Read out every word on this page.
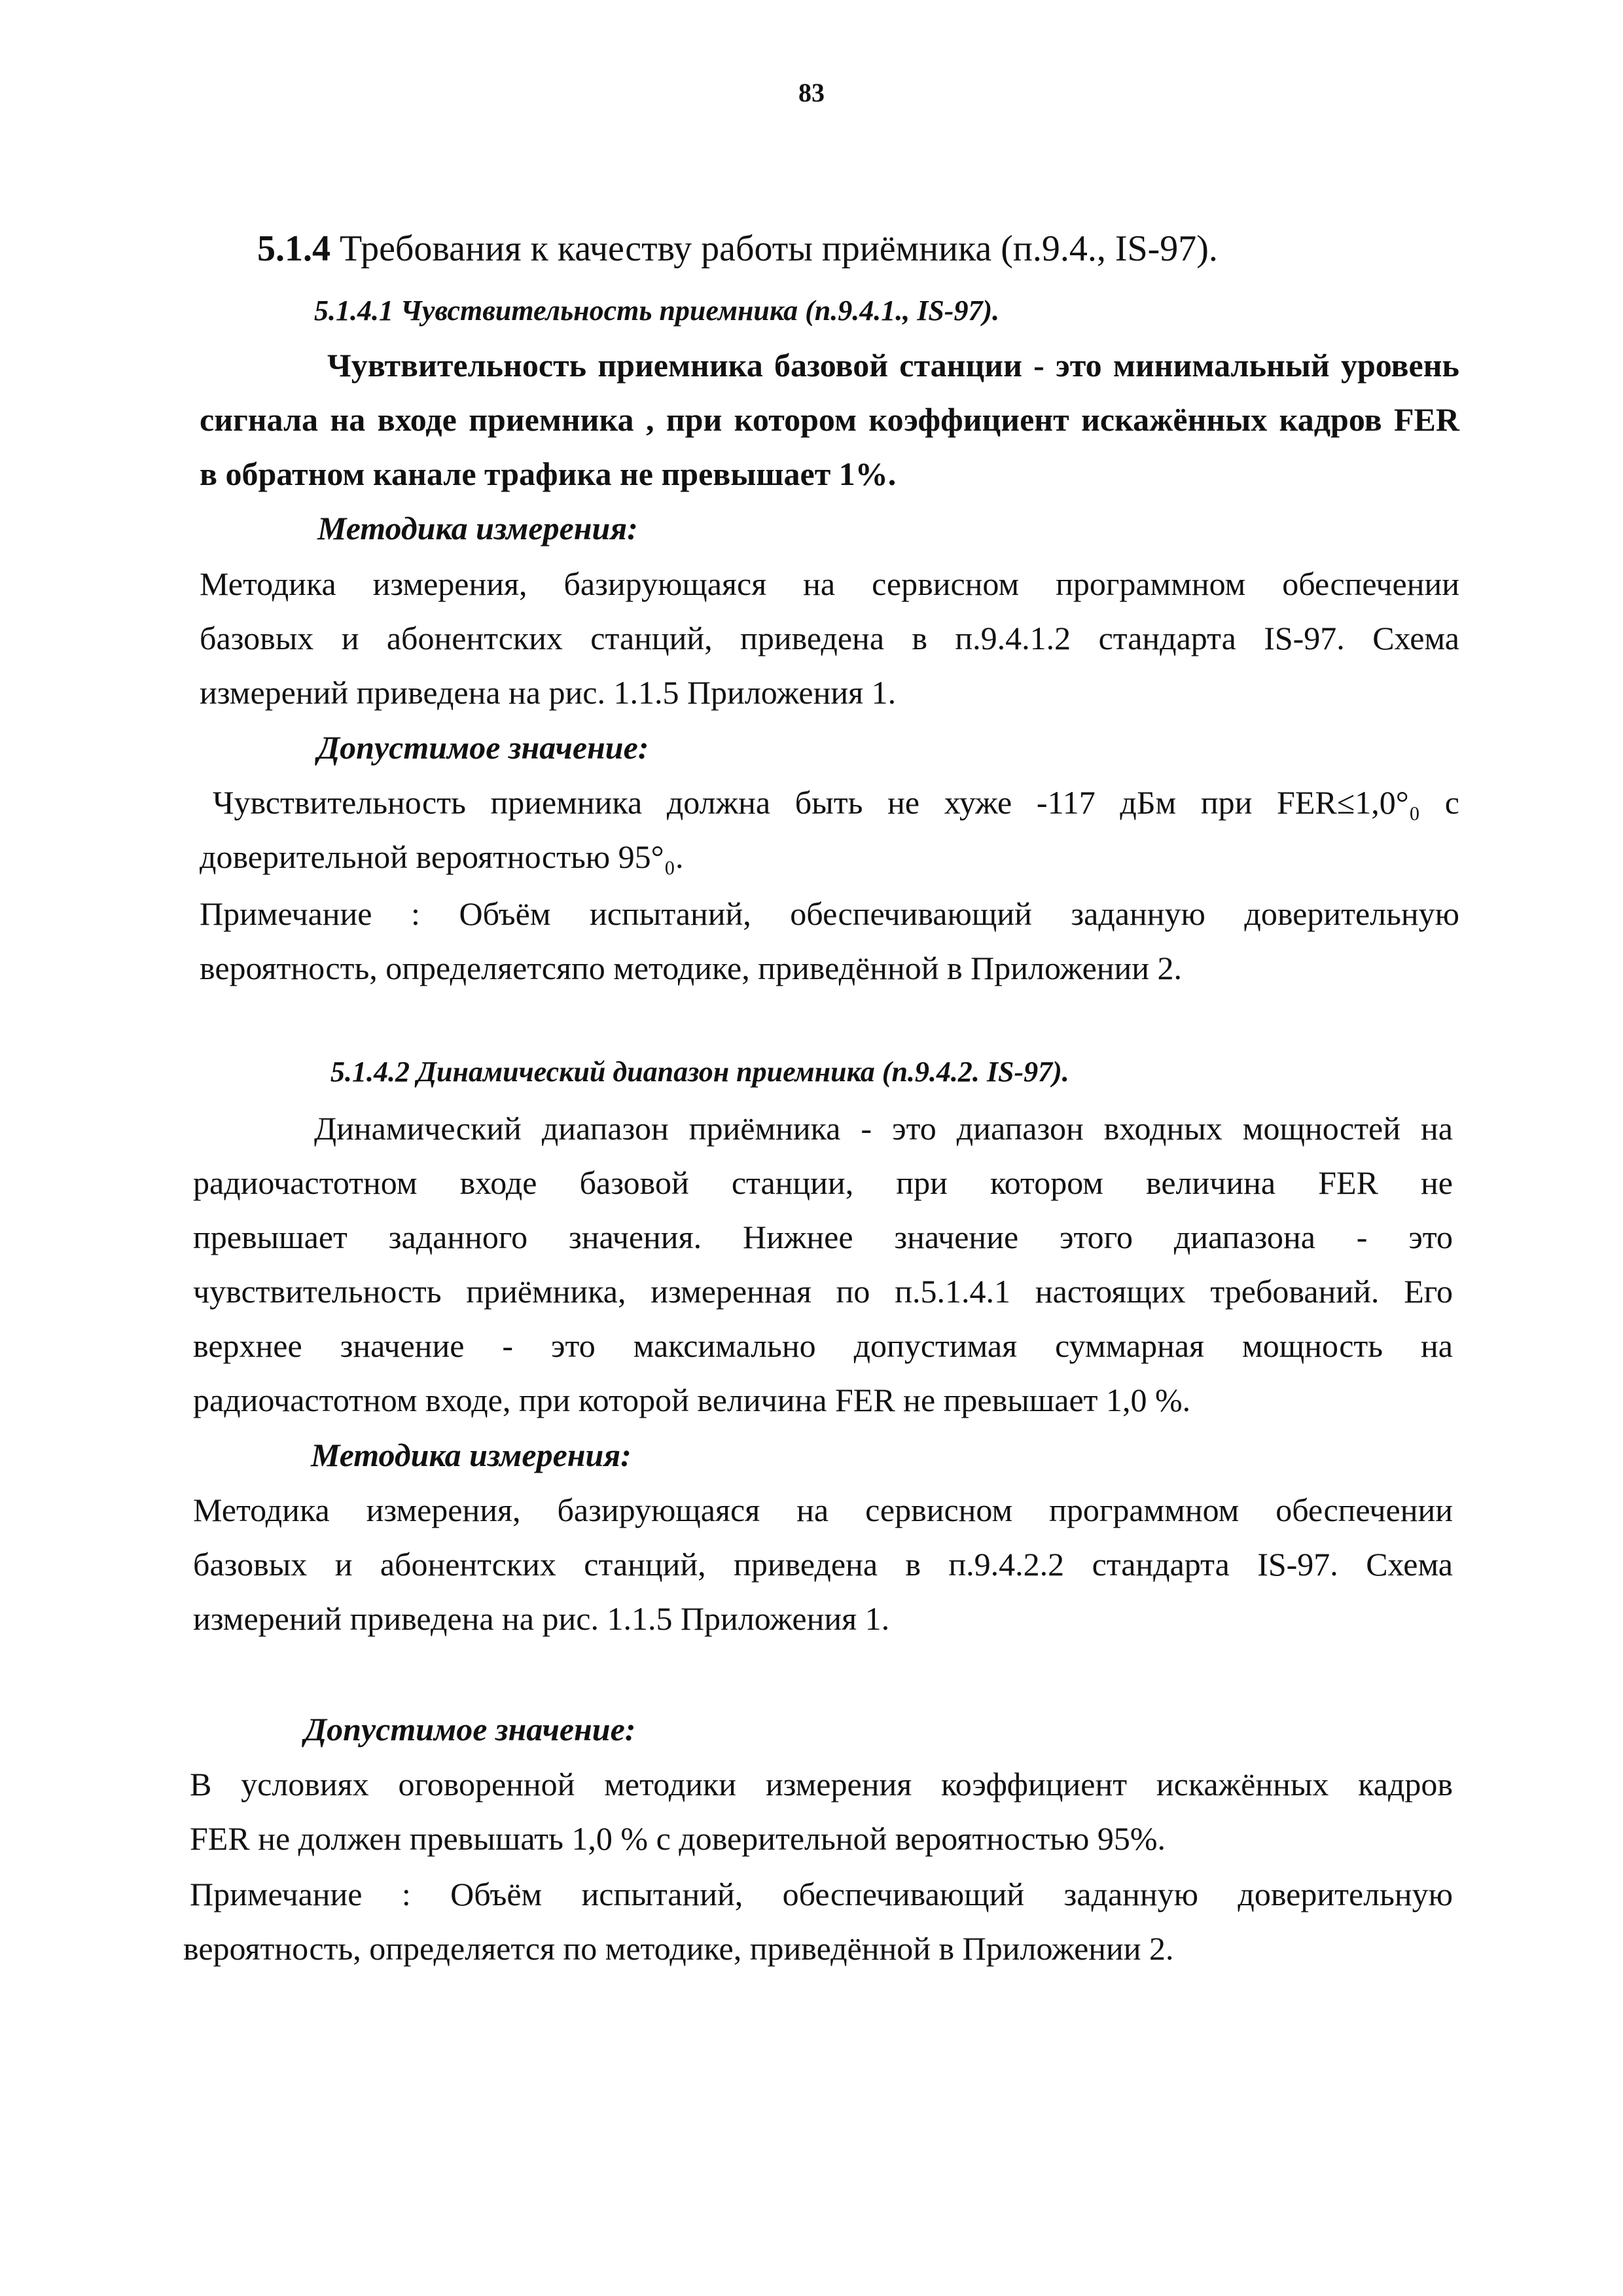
83
5.1.4 Требования к качеству работы приёмника (п.9.4., IS-97).
5.1.4.1 Чувствительность приемника (п.9.4.1., IS-97).
Чувтвительность приемника базовой станции - это минимальный уровень
сигнала на входе приемника , при котором коэффициент искажённых кадров FER
в обратном канале трафика не превышает 1%.
Методика измерения:
Методика измерения, базирующаяся на сервисном программном обеспечении
базовых и абонентских станций, приведена в п.9.4.1.2 стандарта IS-97. Схема
измерений приведена на рис. 1.1.5 Приложения 1.
Допустимое значение:
Чувствительность приемника должна быть не хуже -117 дБм при FER≤1,0°₀ с
доверительной вероятностью 95°₀.
Примечание : Объём испытаний, обеспечивающий заданную доверительную
вероятность, определяетсяпо методике, приведённой в Приложении 2.
5.1.4.2 Динамический диапазон приемника (п.9.4.2. IS-97).
Динамический диапазон приёмника - это диапазон входных мощностей на
радиочастотном входе базовой станции, при котором величина FER не
превышает заданного значения. Нижнее значение этого диапазона - это
чувствительность приёмника, измеренная по п.5.1.4.1 настоящих требований. Его
верхнее значение - это максимально допустимая суммарная мощность на
радиочастотном входе, при которой величина FER не превышает 1,0 %.
Методика измерения:
Методика измерения, базирующаяся на сервисном программном обеспечении
базовых и абонентских станций, приведена в п.9.4.2.2 стандарта IS-97. Схема
измерений приведена на рис. 1.1.5 Приложения 1.
Допустимое значение:
В условиях оговоренной методики измерения коэффициент искажённых кадров
FER не должен превышать 1,0 % с доверительной вероятностью 95%.
Примечание : Объём испытаний, обеспечивающий заданную доверительную
вероятность, определяется по методике, приведённой в Приложении 2.
